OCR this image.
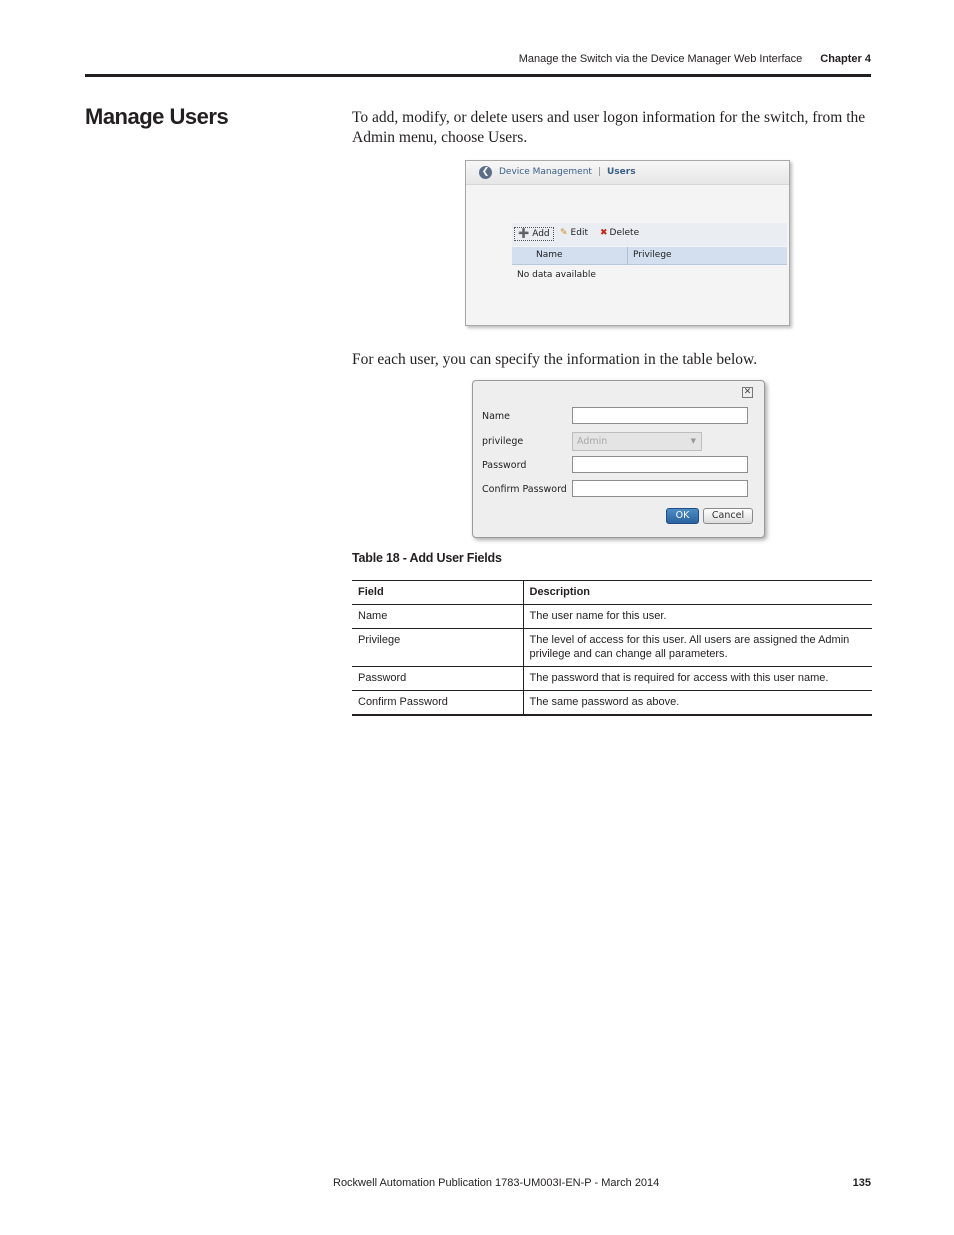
Manage the Switch via the Device Manager Web Interface Chapter 4
Manage Users	To add, modify, or delete users and user logon information for the switch, from the Admin menu, choose Users.

❮	Device Management | Users
➕ Add	✎ Edit ✖ Delete
Name	Privilege
No data available

For each user, you can specify the information in the table below.

✕
Name
privilege	Admin	▼
Password
Confirm Password
OK	Cancel
Table 18 - Add User Fields
Field	Description
Name	The user name for this user.
Privilege	The level of access for this user. All users are assigned the Admin privilege and can change all parameters.
Password	The password that is required for access with this user name.
Confirm Password	The same password as above.
Rockwell Automation Publication 1783-UM003I-EN-P - March 2014	135
